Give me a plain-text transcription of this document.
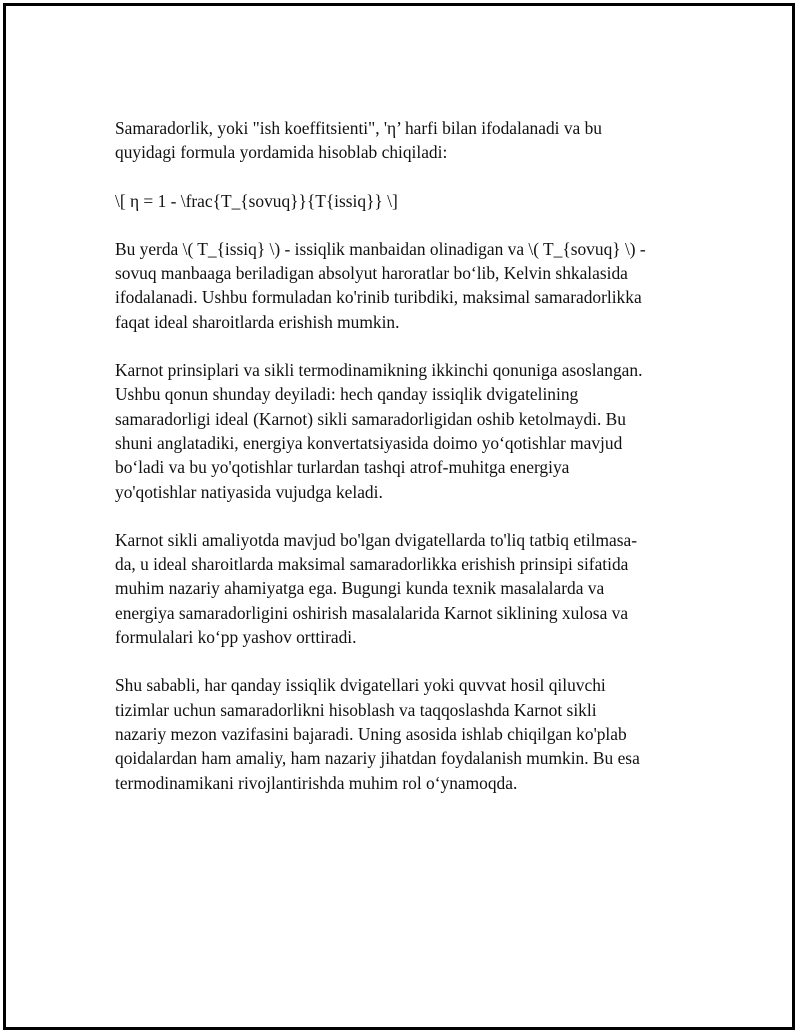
Samaradorlik, yoki "ish koeffitsienti", 'η’ harfi bilan ifodalanadi va bu
quyidagi formula yordamida hisoblab chiqiladi:

\[ η = 1 - \frac{T_{sovuq}}{T{issiq}} \]

Bu yerda \( T_{issiq} \) - issiqlik manbaidan olinadigan va \( T_{sovuq} \) -
sovuq manbaaga beriladigan absolyut haroratlar boʻlib, Kelvin shkalasida
ifodalanadi. Ushbu formuladan ko'rinib turibdiki, maksimal samaradorlikka
faqat ideal sharoitlarda erishish mumkin.

Karnot prinsiplari va sikli termodinamikning ikkinchi qonuniga asoslangan.
Ushbu qonun shunday deyiladi: hech qanday issiqlik dvigatelining
samaradorligi ideal (Karnot) sikli samaradorligidan oshib ketolmaydi. Bu
shuni anglatadiki, energiya konvertatsiyasida doimo yoʻqotishlar mavjud
boʻladi va bu yo'qotishlar turlardan tashqi atrof-muhitga energiya
yo'qotishlar natiyasida vujudga keladi.

Karnot sikli amaliyotda mavjud bo'lgan dvigatellarda to'liq tatbiq etilmasa-
da, u ideal sharoitlarda maksimal samaradorlikka erishish prinsipi sifatida
muhim nazariy ahamiyatga ega. Bugungi kunda texnik masalalarda va
energiya samaradorligini oshirish masalalarida Karnot siklining xulosa va
formulalari koʻpp yashov orttiradi.

Shu sababli, har qanday issiqlik dvigatellari yoki quvvat hosil qiluvchi
tizimlar uchun samaradorlikni hisoblash va taqqoslashda Karnot sikli
nazariy mezon vazifasini bajaradi. Uning asosida ishlab chiqilgan ko'plab
qoidalardan ham amaliy, ham nazariy jihatdan foydalanish mumkin. Bu esa
termodinamikani rivojlantirishda muhim rol oʻynamoqda.
